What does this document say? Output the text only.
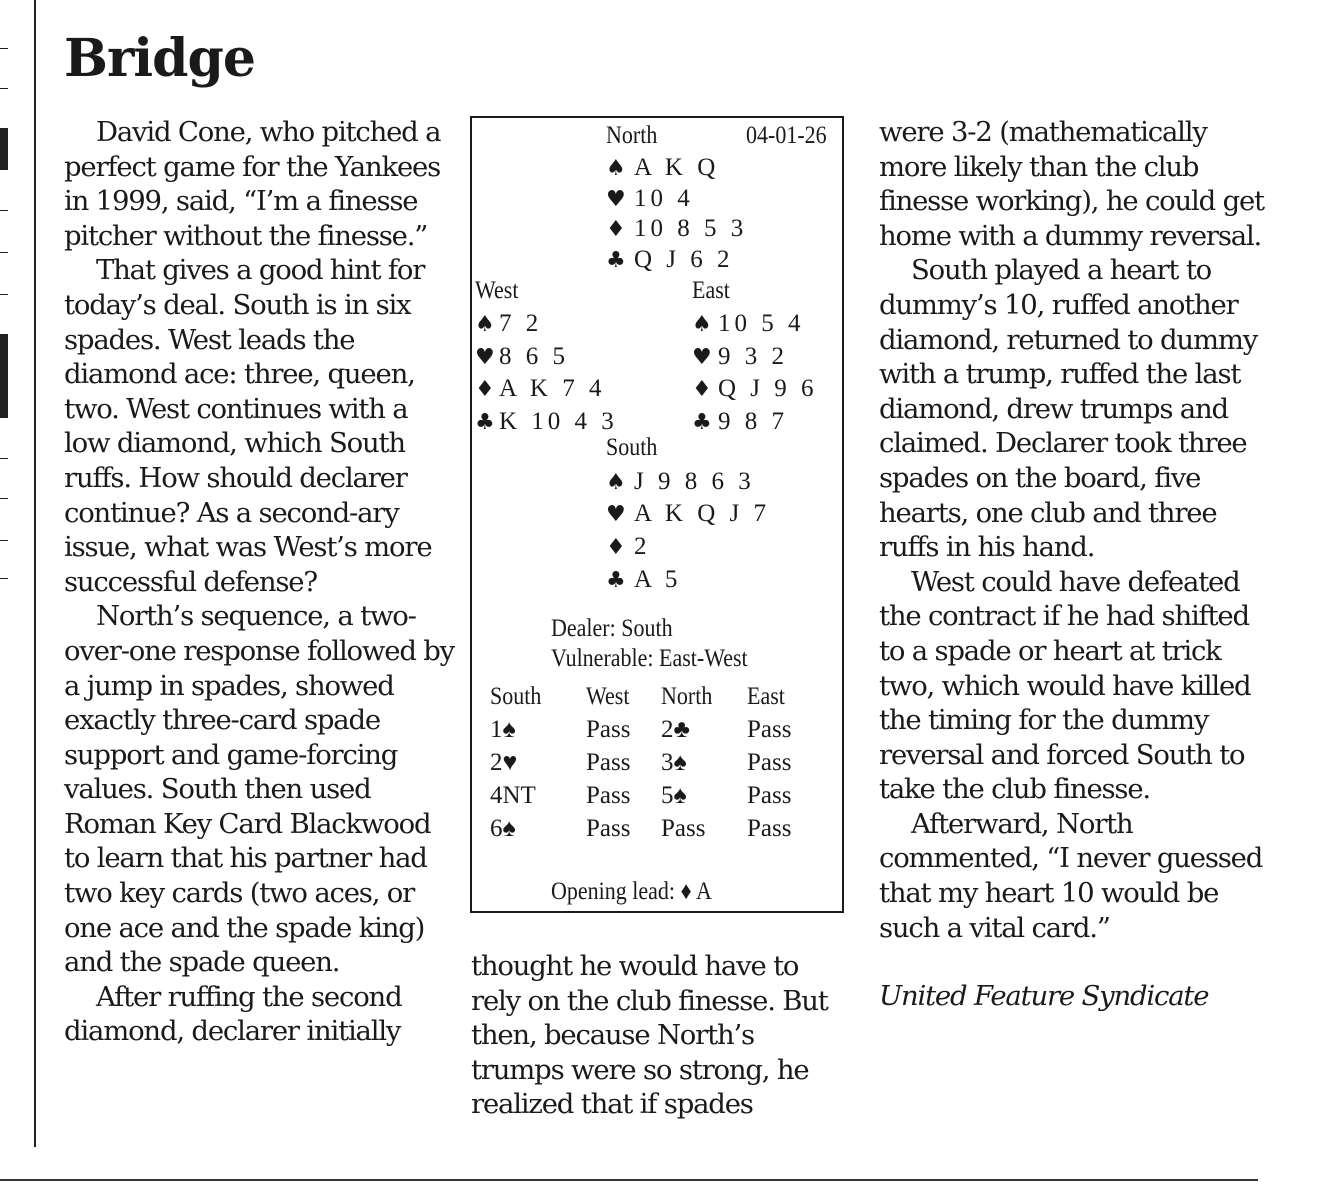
Bridge

David Cone, who pitched a perfect game for the Yankees in 1999, said, “I’m a finesse pitcher without the finesse.”

That gives a good hint for today’s deal. South is in six spades. West leads the diamond ace: three, queen, two. West continues with a low diamond, which South ruffs. How should declarer continue? As a second-ary issue, what was West’s more successful defense?

North’s sequence, a two-over-one response followed by a jump in spades, showed exactly three-card spade support and game-forcing values. South then used Roman Key Card Blackwood to learn that his partner had two key cards (two aces, or one ace and the spade king) and the spade queen.

After ruffing the second diamond, declarer initially

North	04-01-26
♠ A K Q
♥ 10 4
♦ 10 8 5 3
♣ Q J 6 2
West
♠ 7 2
♥ 8 6 5
♦ A K 7 4
♣ K 10 4 3
East
♠ 10 5 4
♥ 9 3 2
♦ Q J 9 6
♣ 9 8 7
South
♠ J 9 8 6 3
♥ A K Q J 7
♦ 2
♣ A 5
Dealer: South
Vulnerable: East-West
South West North East
1♠	Pass 2♣ Pass
2♥	Pass 3♠ Pass
4NT Pass 5♠ Pass
6♠	Pass Pass Pass
Opening lead: ♦ A

thought he would have to rely on the club finesse. But then, because North’s trumps were so strong, he realized that if spades

were 3-2 (mathematically more likely than the club finesse working), he could get home with a dummy reversal.

South played a heart to dummy’s 10, ruffed another diamond, returned to dummy with a trump, ruffed the last diamond, drew trumps and claimed. Declarer took three spades on the board, five hearts, one club and three ruffs in his hand.

West could have defeated the contract if he had shifted to a spade or heart at trick two, which would have killed the timing for the dummy reversal and forced South to take the club finesse.

Afterward, North commented, “I never guessed that my heart 10 would be such a vital card.”

United Feature Syndicate
